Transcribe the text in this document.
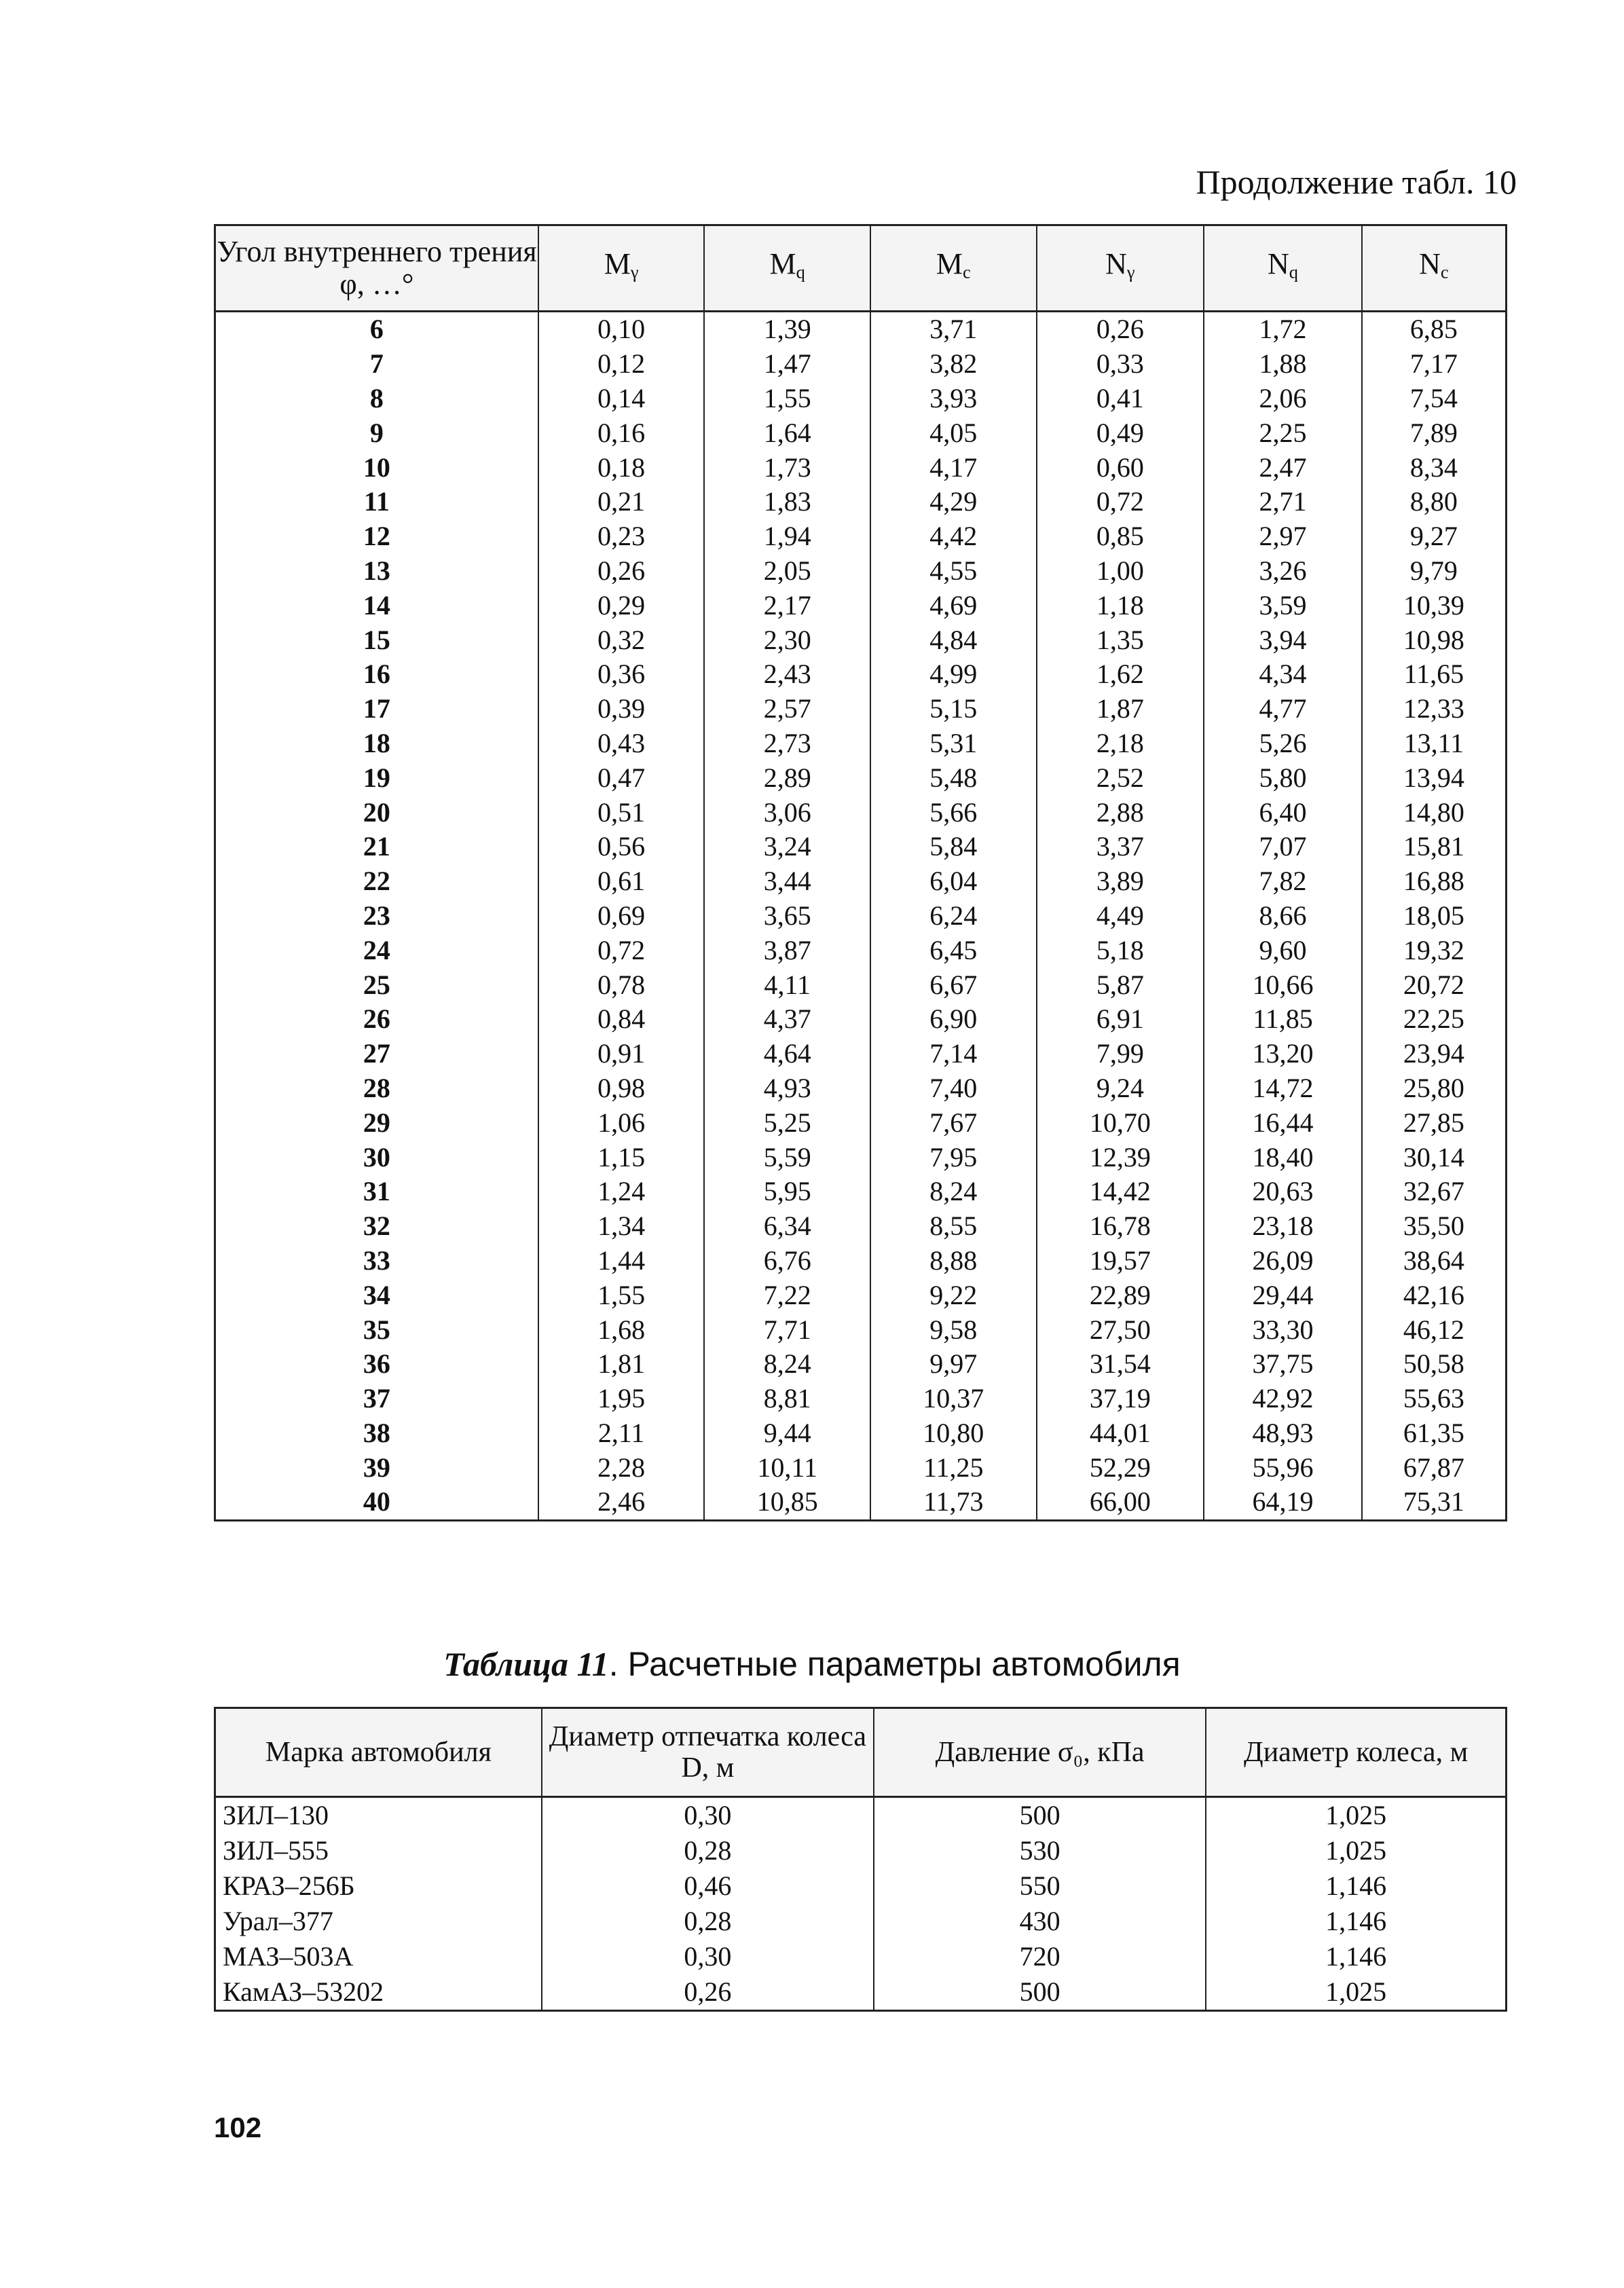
Продолжение табл. 10
Угол внутреннего трения φ, …°	$M_\gamma$	$M_q$	$M_c$	$N_\gamma$	$N_q$	$N_c$
6	0,10	1,39	3,71	0,26	1,72	6,85
7	0,12	1,47	3,82	0,33	1,88	7,17
8	0,14	1,55	3,93	0,41	2,06	7,54
9	0,16	1,64	4,05	0,49	2,25	7,89
10	0,18	1,73	4,17	0,60	2,47	8,34
11	0,21	1,83	4,29	0,72	2,71	8,80
12	0,23	1,94	4,42	0,85	2,97	9,27
13	0,26	2,05	4,55	1,00	3,26	9,79
14	0,29	2,17	4,69	1,18	3,59	10,39
15	0,32	2,30	4,84	1,35	3,94	10,98
16	0,36	2,43	4,99	1,62	4,34	11,65
17	0,39	2,57	5,15	1,87	4,77	12,33
18	0,43	2,73	5,31	2,18	5,26	13,11
19	0,47	2,89	5,48	2,52	5,80	13,94
20	0,51	3,06	5,66	2,88	6,40	14,80
21	0,56	3,24	5,84	3,37	7,07	15,81
22	0,61	3,44	6,04	3,89	7,82	16,88
23	0,69	3,65	6,24	4,49	8,66	18,05
24	0,72	3,87	6,45	5,18	9,60	19,32
25	0,78	4,11	6,67	5,87	10,66	20,72
26	0,84	4,37	6,90	6,91	11,85	22,25
27	0,91	4,64	7,14	7,99	13,20	23,94
28	0,98	4,93	7,40	9,24	14,72	25,80
29	1,06	5,25	7,67	10,70	16,44	27,85
30	1,15	5,59	7,95	12,39	18,40	30,14
31	1,24	5,95	8,24	14,42	20,63	32,67
32	1,34	6,34	8,55	16,78	23,18	35,50
33	1,44	6,76	8,88	19,57	26,09	38,64
34	1,55	7,22	9,22	22,89	29,44	42,16
35	1,68	7,71	9,58	27,50	33,30	46,12
36	1,81	8,24	9,97	31,54	37,75	50,58
37	1,95	8,81	10,37	37,19	42,92	55,63
38	2,11	9,44	10,80	44,01	48,93	61,35
39	2,28	10,11	11,25	52,29	55,96	67,87
40	2,46	10,85	11,73	66,00	64,19	75,31
Таблица 11. Расчетные параметры автомобиля
Марка автомобиля	Диаметр отпечатка колеса D, м	Давление σ₀, кПа	Диаметр колеса, м
ЗИЛ–130	0,30	500	1,025
ЗИЛ–555	0,28	530	1,025
КРАЗ–256Б	0,46	550	1,146
Урал–377	0,28	430	1,146
МАЗ–503А	0,30	720	1,146
КамАЗ–53202	0,26	500	1,025
102
